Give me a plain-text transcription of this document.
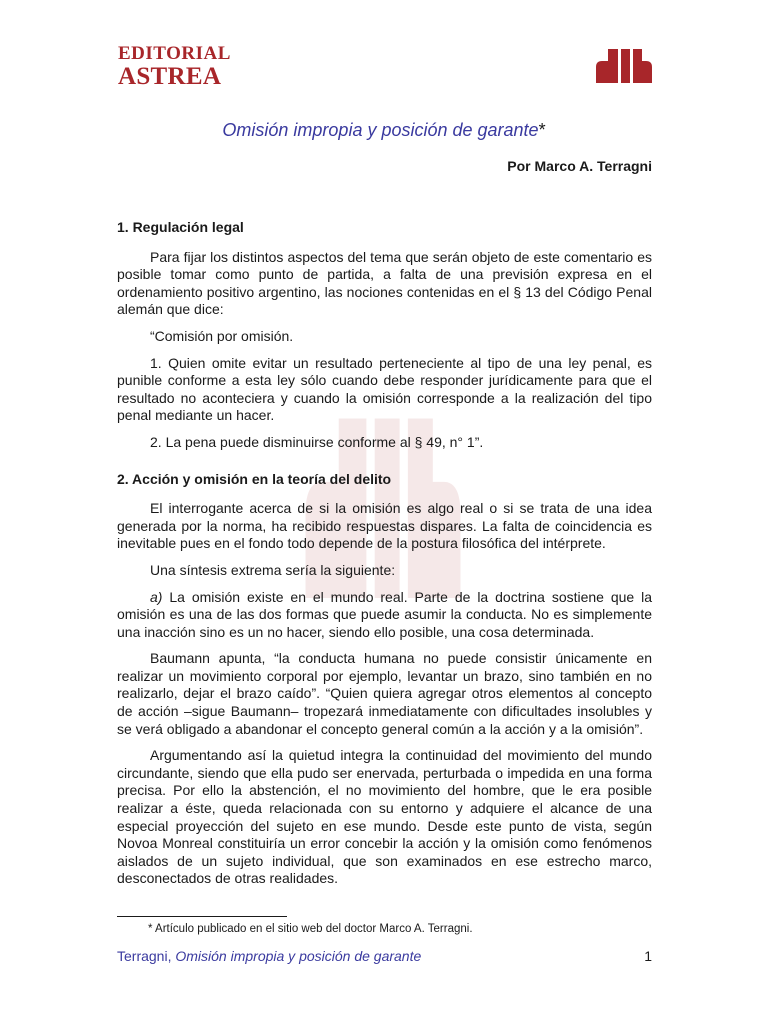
EDITORIAL
ASTREA
Omisión impropia y posición de garante*
Por Marco A. Terragni
1. Regulación legal

Para fijar los distintos aspectos del tema que serán objeto de este comentario es posible tomar como punto de partida, a falta de una previsión expresa en el ordenamiento positivo argentino, las nociones contenidas en el § 13 del Código Penal alemán que dice:

“Comisión por omisión.

1. Quien omite evitar un resultado perteneciente al tipo de una ley penal, es punible conforme a esta ley sólo cuando debe responder jurídicamente para que el resultado no aconteciera y cuando la omisión corresponde a la realización del tipo penal mediante un hacer.

2. La pena puede disminuirse conforme al § 49, n° 1”.

2. Acción y omisión en la teoría del delito

El interrogante acerca de si la omisión es algo real o si se trata de una idea generada por la norma, ha recibido respuestas dispares. La falta de coincidencia es inevitable pues en el fondo todo depende de la postura filosófica del intérprete.

Una síntesis extrema sería la siguiente:

a) La omisión existe en el mundo real. Parte de la doctrina sostiene que la omisión es una de las dos formas que puede asumir la conducta. No es simplemente una inacción sino es un no hacer, siendo ello posible, una cosa determinada.

Baumann apunta, “la conducta humana no puede consistir únicamente en realizar un movimiento corporal por ejemplo, levantar un brazo, sino también en no realizarlo, dejar el brazo caído”. “Quien quiera agregar otros elementos al concepto de acción –sigue Baumann– tropezará inmediatamente con dificultades insolubles y se verá obligado a abandonar el concepto general común a la acción y a la omisión”.

Argumentando así la quietud integra la continuidad del movimiento del mundo circundante, siendo que ella pudo ser enervada, perturbada o impedida en una forma precisa. Por ello la abstención, el no movimiento del hombre, que le era posible realizar a éste, queda relacionada con su entorno y adquiere el alcance de una especial proyección del sujeto en ese mundo. Desde este punto de vista, según Novoa Monreal constituiría un error concebir la acción y la omisión como fenómenos aislados de un sujeto individual, que son examinados en ese estrecho marco, desconectados de otras realidades.

* Artículo publicado en el sitio web del doctor Marco A. Terragni.
Terragni, Omisión impropia y posición de garante	1
